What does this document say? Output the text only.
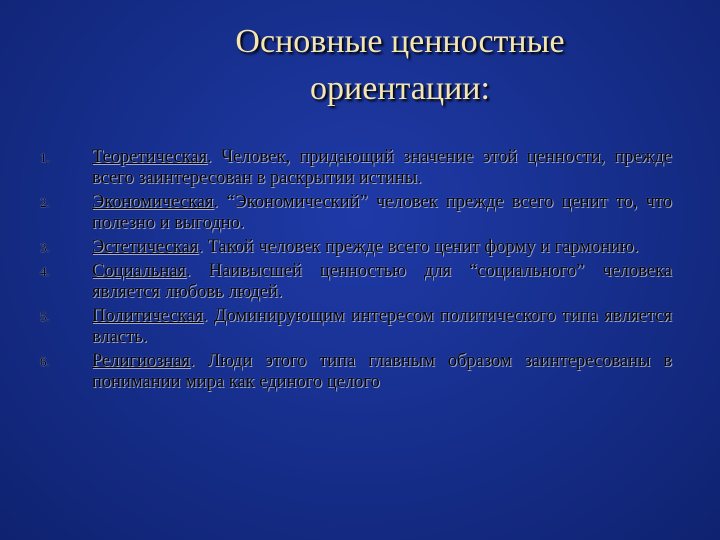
Основные ценностные
ориентации:
1. Теоретическая. Человек, придающий значение этой ценности, прежде всего заинтересован в раскрытии истины.
2. Экономическая. “Экономический” человек прежде всего ценит то, что полезно и выгодно.
3. Эстетическая. Такой человек прежде всего ценит форму и гармонию.
4. Социальная. Наивысшей ценностью для “социального” человека является любовь людей.
5. Политическая. Доминирующим интересом политического типа является власть.
6. Религиозная. Люди этого типа главным образом заинтересованы в понимании мира как единого целого
